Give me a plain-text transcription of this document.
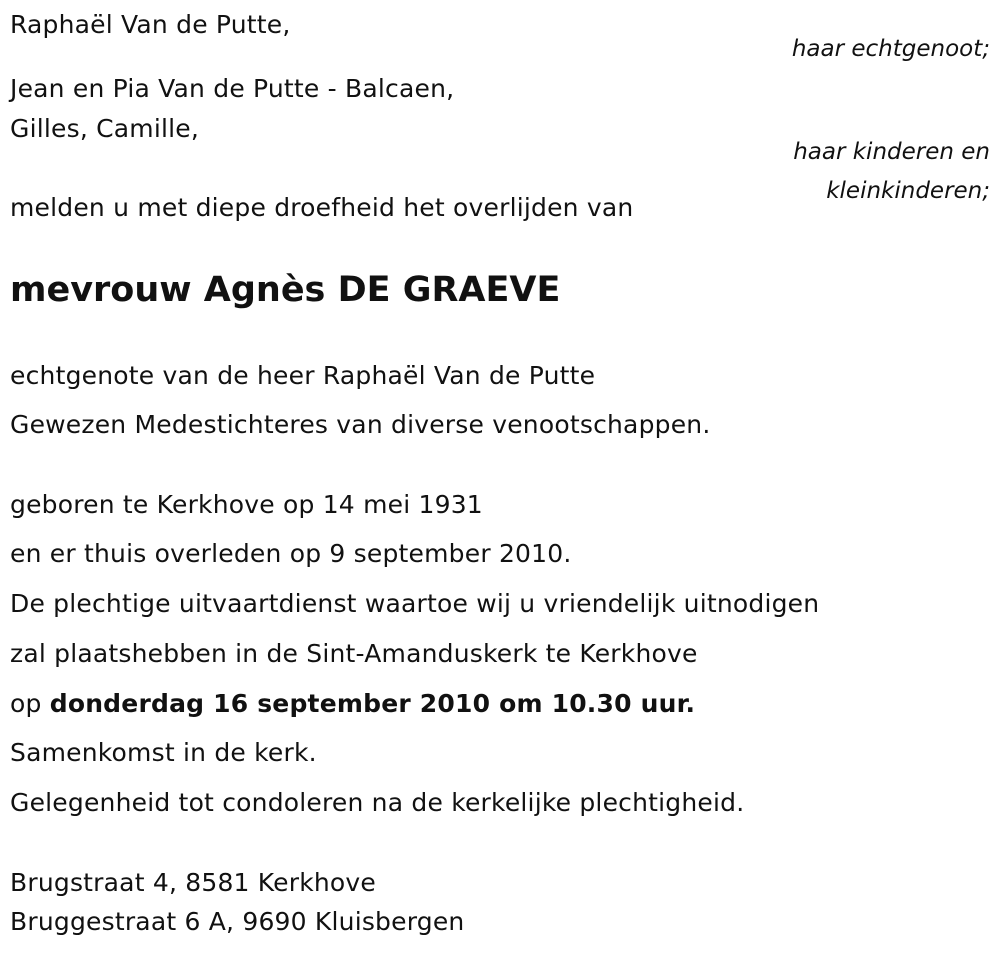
Raphaël Van de Putte,
haar echtgenoot;
Jean en Pia Van de Putte - Balcaen,
Gilles, Camille,
haar kinderen en
kleinkinderen;
melden u met diepe droefheid het overlijden van
mevrouw Agnès DE GRAEVE
echtgenote van de heer Raphaël Van de Putte
Gewezen Medestichteres van diverse venootschappen.
geboren te Kerkhove op 14 mei 1931
en er thuis overleden op 9 september 2010.
De plechtige uitvaartdienst waartoe wij u vriendelijk uitnodigen
zal plaatshebben in de Sint-Amanduskerk te Kerkhove
op donderdag 16 september 2010 om 10.30 uur.
Samenkomst in de kerk.
Gelegenheid tot condoleren na de kerkelijke plechtigheid.
Brugstraat 4, 8581 Kerkhove
Bruggestraat 6 A, 9690 Kluisbergen
